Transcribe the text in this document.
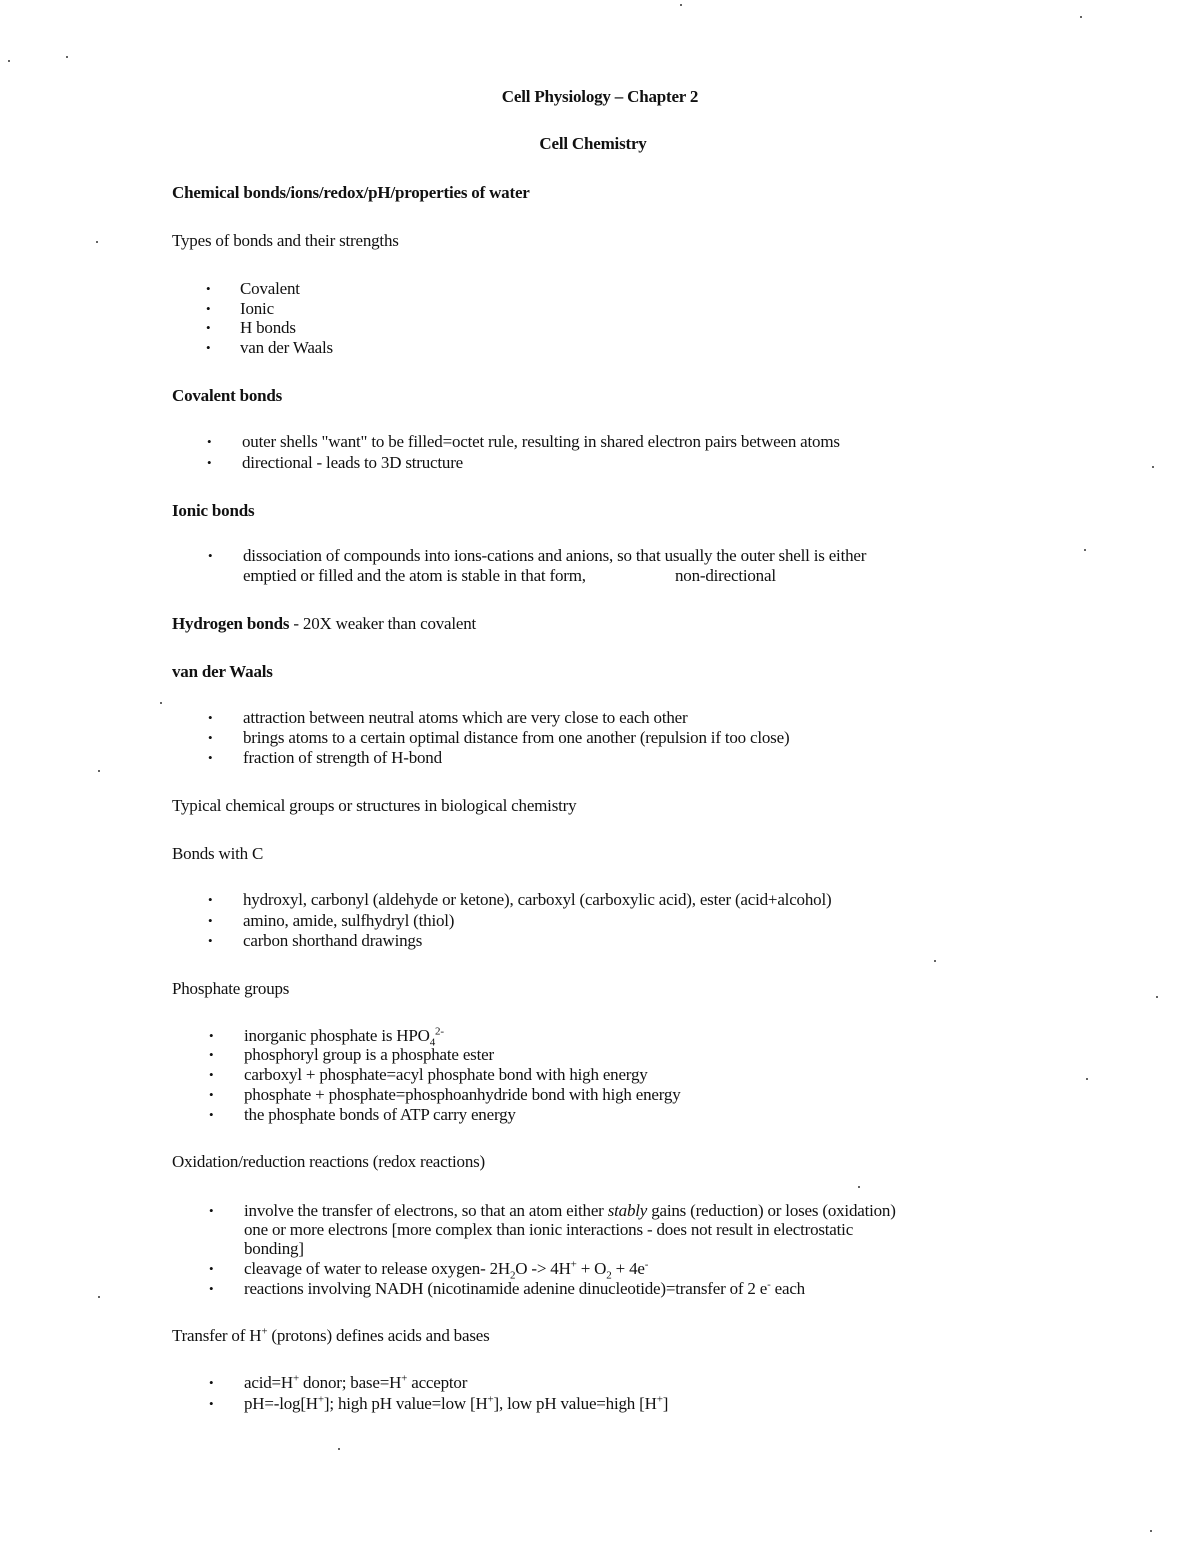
Cell Physiology – Chapter 2
Cell Chemistry
Chemical bonds/ions/redox/pH/properties of water
Types of bonds and their strengths
• Covalent
• Ionic
• H bonds
• van der Waals
Covalent bonds
• outer shells "want" to be filled=octet rule, resulting in shared electron pairs between atoms
• directional - leads to 3D structure
Ionic bonds
• dissociation of compounds into ions-cations and anions, so that usually the outer shell is either
emptied or filled and the atom is stable in that form,	non-directional
Hydrogen bonds - 20X weaker than covalent
van der Waals
• attraction between neutral atoms which are very close to each other
• brings atoms to a certain optimal distance from one another (repulsion if too close)
• fraction of strength of H-bond
Typical chemical groups or structures in biological chemistry
Bonds with C
• hydroxyl, carbonyl (aldehyde or ketone), carboxyl (carboxylic acid), ester (acid+alcohol)
• amino, amide, sulfhydryl (thiol)
• carbon shorthand drawings
Phosphate groups
• inorganic phosphate is $HPO_4^{2-}$
• phosphoryl group is a phosphate ester
• carboxyl + phosphate=acyl phosphate bond with high energy
• phosphate + phosphate=phosphoanhydride bond with high energy
• the phosphate bonds of ATP carry energy
Oxidation/reduction reactions (redox reactions)
• involve the transfer of electrons, so that an atom either stably gains (reduction) or loses (oxidation)
one or more electrons [more complex than ionic interactions - does not result in electrostatic
bonding]
• cleavage of water to release oxygen- $2H_2O -> 4H^+ + O_2 + 4e^-$
• reactions involving NADH (nicotinamide adenine dinucleotide)=transfer of 2 e- each
Transfer of H+ (protons) defines acids and bases
• acid=H+ donor; base=H+ acceptor
• pH=-log[H+]; high pH value=low [H+], low pH value=high [H+]
